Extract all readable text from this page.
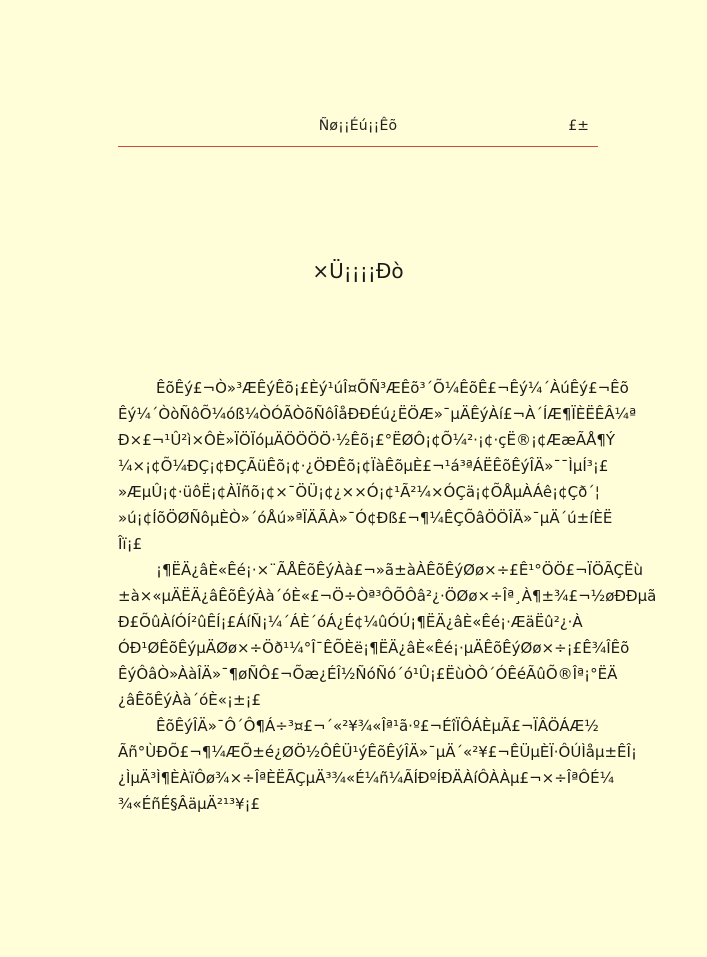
Ñø¡¡Éú¡¡Êõ	£±
×Ü¡¡¡¡Ðò

ÊõÊý£¬Ò»³ÆÊýÊõ¡£Èý¹úÎ¤ÕÑ³ÆÊõ³´Õ¼ÊõÊ£¬Êý¼´ÀúÊý£¬Êõ
Êý¼´ÒòÑôÕ¼óß¼ÒÓÃÒõÑôÎåÐÐÉú¿ËÖÆ»¯µÄÊýÀí£¬À´ÍÆ¶ÏÈËÊÂ¼ª
Ð×£¬¹Û²ì×ÔÈ»ÏÖÏóµÄÖÖÖÖ·½Êõ¡£°ËØÔ¡¢Õ¼²·¡¢·çË®¡¢ÆæÃÅ¶Ý
¼×¡¢Õ¼ÐÇ¡¢ÐÇÃüÊõ¡¢·¿ÖÐÊõ¡¢ÏàÊõµÈ£¬¹á³ªÁËÊõÊýÎÄ»¯¯ÌµÍ³¡£
»ÆµÛ¡¢·üôË¡¢ÀÏñõ¡¢×¯ÖÜ¡¢¿××Ó¡¢¹Ã²¼×ÓÇä¡¢ÕÅµÀÁê¡¢Çð´¦
»ú¡¢ÍõÖØÑôµÈÒ»´óÅú»ªÏÄÃÀ»¯Ó¢Ðß£¬¶¼ÊÇÕâÖÖÎÄ»¯µÄ´ú±íÈË
Îï¡£

¡¶ËÄ¿âÈ«Êé¡·×¨ÃÅÊõÊýÀà£¬»ã±àÀÊõÊýØø×÷£Ê¹°ÖÖ£¬ÏÖÃÇËù
±à×«µÄËÄ¿âÊõÊýÀà´óÈ«£¬Ö÷Òª³ÔÕÔâ²¿·ÖØø×÷Îª¸À¶±¾£¬½øÐÐµã
Ð£ÕûÀíÓÍ²ûÊÍ¡£ÁíÑ¡¼´ÁÈ´óÁ¿É¢¼ûÓÚ¡¶ËÄ¿âÈ«Êé¡·ÆäËû²¿·À
ÓÐ¹ØÊõÊýµÄØø×÷Öð¹¼°Î¯ÊÕÈë¡¶ËÄ¿âÈ«Êé¡·µÄÊõÊýØø×÷¡£Ê¾ÎÊõ
ÊýÔâÒ»ÀàÎÄ»¯¶øÑÔ£¬Õæ¿ÉÎ½ÑóÑó´ó¹Û¡£ËùÒÔ´ÓÊéÃûÕ®Îª¡°ËÄ
¿âÊõÊýÀà´óÈ«¡±¡£

ÊõÊýÎÄ»¯Ô´Ô¶Á÷³¤£¬´«²¥¾«Îª¹ã·º£¬ÉîÏÔÁÈµÃ£¬ÏÂÖÁÆ½
Ãñ°ÙÐÕ£¬¶¼ÆÕ±é¿ØÖ½ÔÊÜ¹ýÊõÊýÎÄ»¯µÄ´«²¥£¬ÊÜµÈÏ·ÔÚÌåµ±ÊÎ¡
¿ÌµÄ³Ì¶ÈÀïÔø¾×÷ÎªÈËÃÇµÄ³¾«É¼ñ¼ÃÍÐºÍÐÄÀíÔÀÀµ£¬×÷ÎªÔÉ¼
¾«ÉñÉ§ÂäµÄ²¹³¥¡£
